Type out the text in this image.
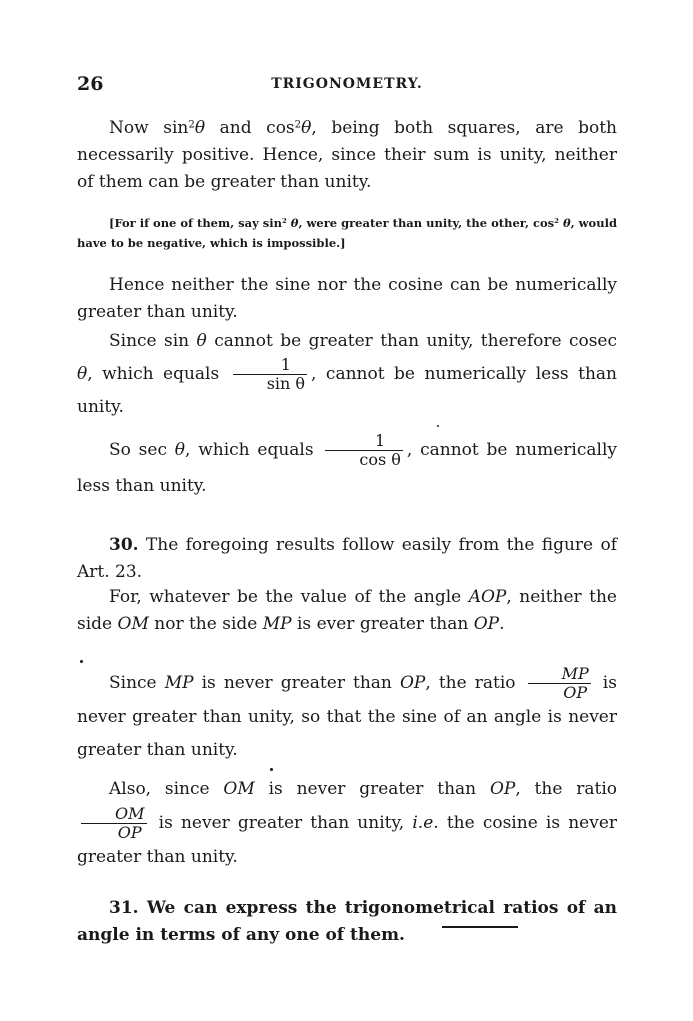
26	TRIGONOMETRY.
Now $\sin^2\theta$ and $\cos^2\theta$, being both squares, are both necessarily positive. Hence, since their sum is unity, neither of them can be greater than unity.
[For if one of them, say $\sin^2 \theta$, were greater than unity, the other, $\cos^2 \theta$, would have to be negative, which is impossible.]
Hence neither the sine nor the cosine can be numerically greater than unity.
Since sin θ cannot be greater than unity, therefore cosec θ, which equals $\frac{1}{\text{sin θ}}$ , cannot be numerically less than unity.
So sec θ, which equals $\frac{1}{\text{cos θ}}$ , cannot be numerically less than unity.
30. The foregoing results follow easily from the figure of Art. 23.
For, whatever be the value of the angle AOP, neither the side OM nor the side MP is ever greater than OP.
Since MP is never greater than OP, the ratio $\frac{MP}{OP}$ is never greater than unity, so that the sine of an angle is never greater than unity.
Also, since OM is never greater than OP, the ratio
$\frac{OM}{OP}$ is never greater than unity, i.e. the cosine is never greater than unity.
31. We can express the trigonometrical ratios of an angle in terms of any one of them.
